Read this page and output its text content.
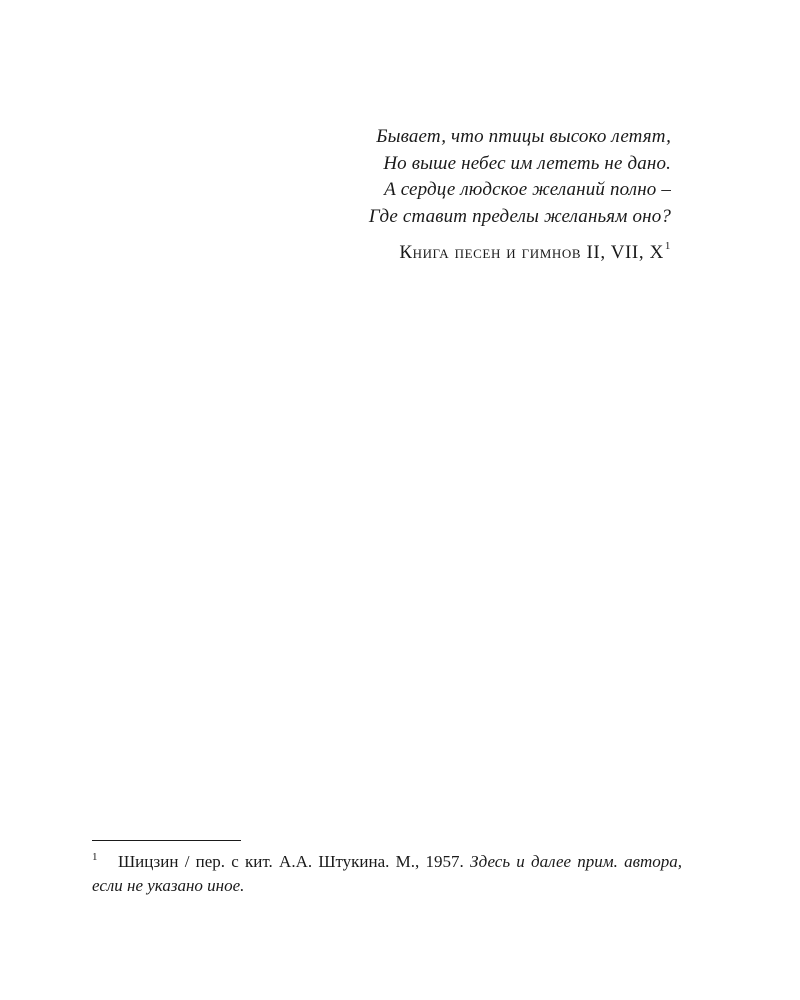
Бывает, что птицы высоко летят,
Но выше небес им лететь не дано.
А сердце людское желаний полно –
Где ставит пределы желаньям оно?
Книга песен и гимнов II, VII, $X^1$
1 Шицзин / пер. с кит. А.А. Штукина. М., 1957. Здесь и далее прим. автора, если не указано иное.
